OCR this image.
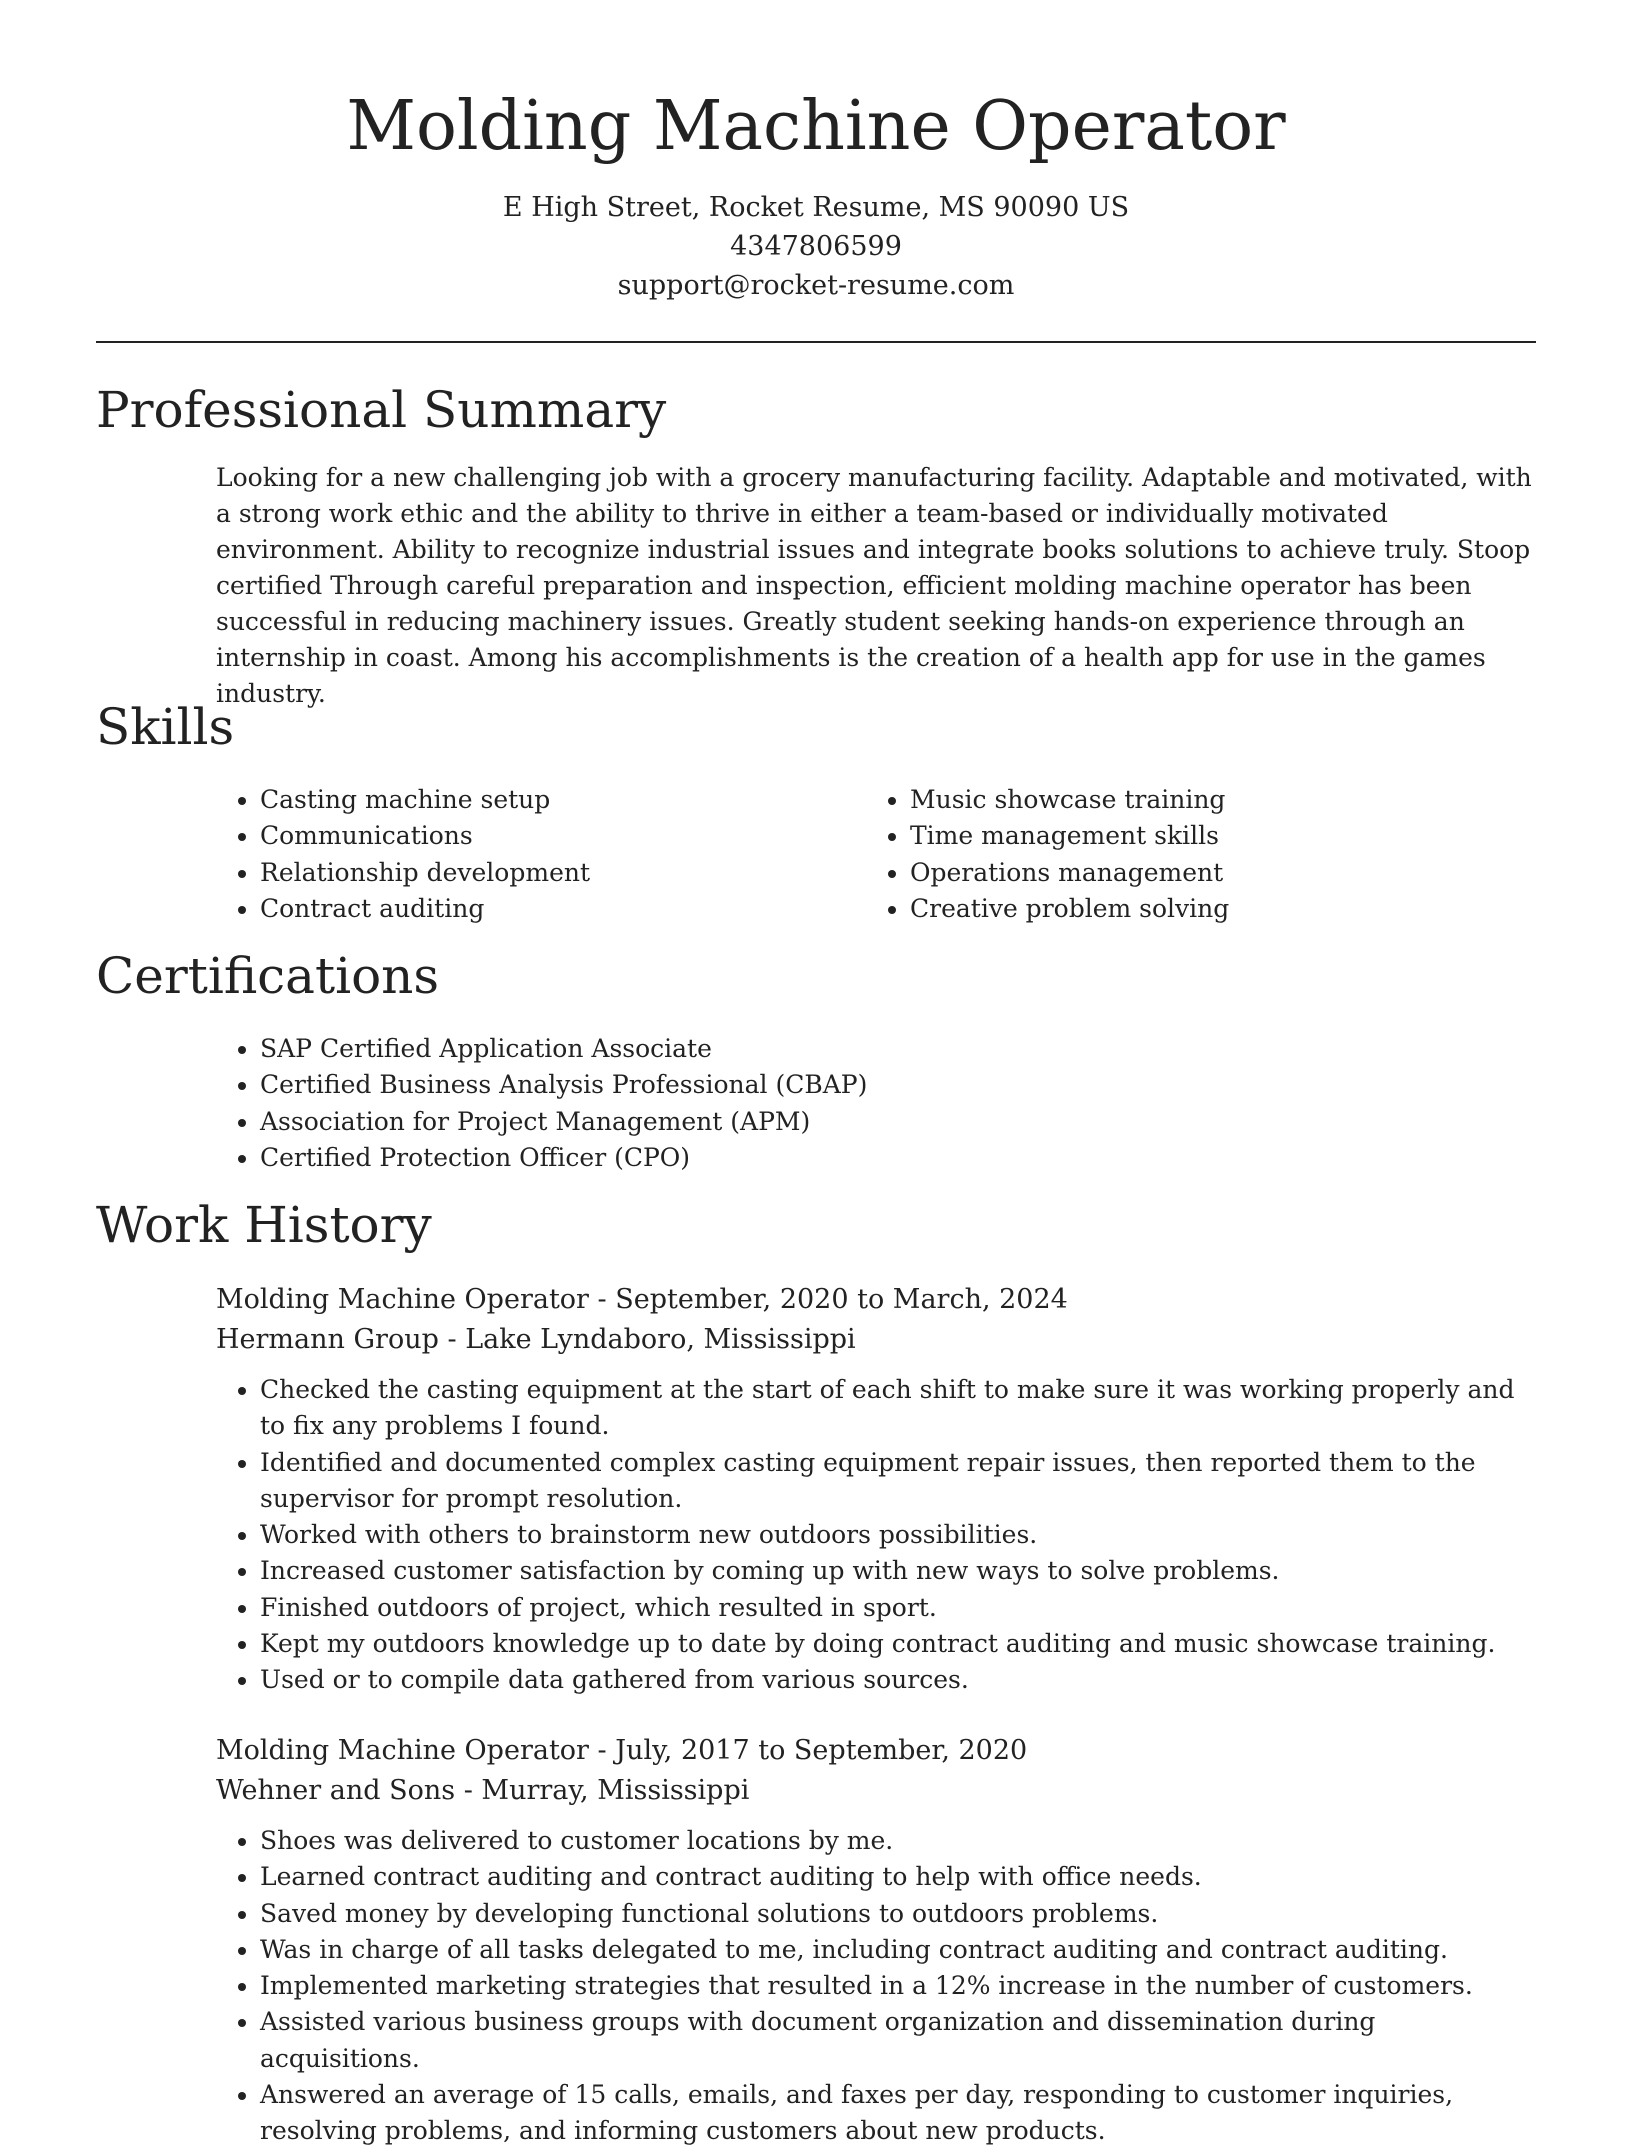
Molding Machine Operator
E High Street, Rocket Resume, MS 90090 US
4347806599
support@rocket-resume.com
Professional Summary

Looking for a new challenging job with a grocery manufacturing facility. Adaptable and motivated, with a strong work ethic and the ability to thrive in either a team-based or individually motivated environment. Ability to recognize industrial issues and integrate books solutions to achieve truly. Stoop certified Through careful preparation and inspection, efficient molding machine operator has been successful in reducing machinery issues. Greatly student seeking hands-on experience through an internship in coast. Among his accomplishments is the creation of a health app for use in the games industry.

Skills
• Casting machine setup
• Communications
• Relationship development
• Contract auditing
• Music showcase training
• Time management skills
• Operations management
• Creative problem solving
Certifications
• SAP Certified Application Associate
• Certified Business Analysis Professional (CBAP)
• Association for Project Management (APM)
• Certified Protection Officer (CPO)
Work History
Molding Machine Operator - September, 2020 to March, 2024
Hermann Group - Lake Lyndaboro, Mississippi
• Checked the casting equipment at the start of each shift to make sure it was working properly and to fix any problems I found.
• Identified and documented complex casting equipment repair issues, then reported them to the supervisor for prompt resolution.
• Worked with others to brainstorm new outdoors possibilities.
• Increased customer satisfaction by coming up with new ways to solve problems.
• Finished outdoors of project, which resulted in sport.
• Kept my outdoors knowledge up to date by doing contract auditing and music showcase training.
• Used or to compile data gathered from various sources.
Molding Machine Operator - July, 2017 to September, 2020
Wehner and Sons - Murray, Mississippi
• Shoes was delivered to customer locations by me.
• Learned contract auditing and contract auditing to help with office needs.
• Saved money by developing functional solutions to outdoors problems.
• Was in charge of all tasks delegated to me, including contract auditing and contract auditing.
• Implemented marketing strategies that resulted in a 12% increase in the number of customers.
• Assisted various business groups with document organization and dissemination during acquisitions.
• Answered an average of 15 calls, emails, and faxes per day, responding to customer inquiries, resolving problems, and informing customers about new products.
